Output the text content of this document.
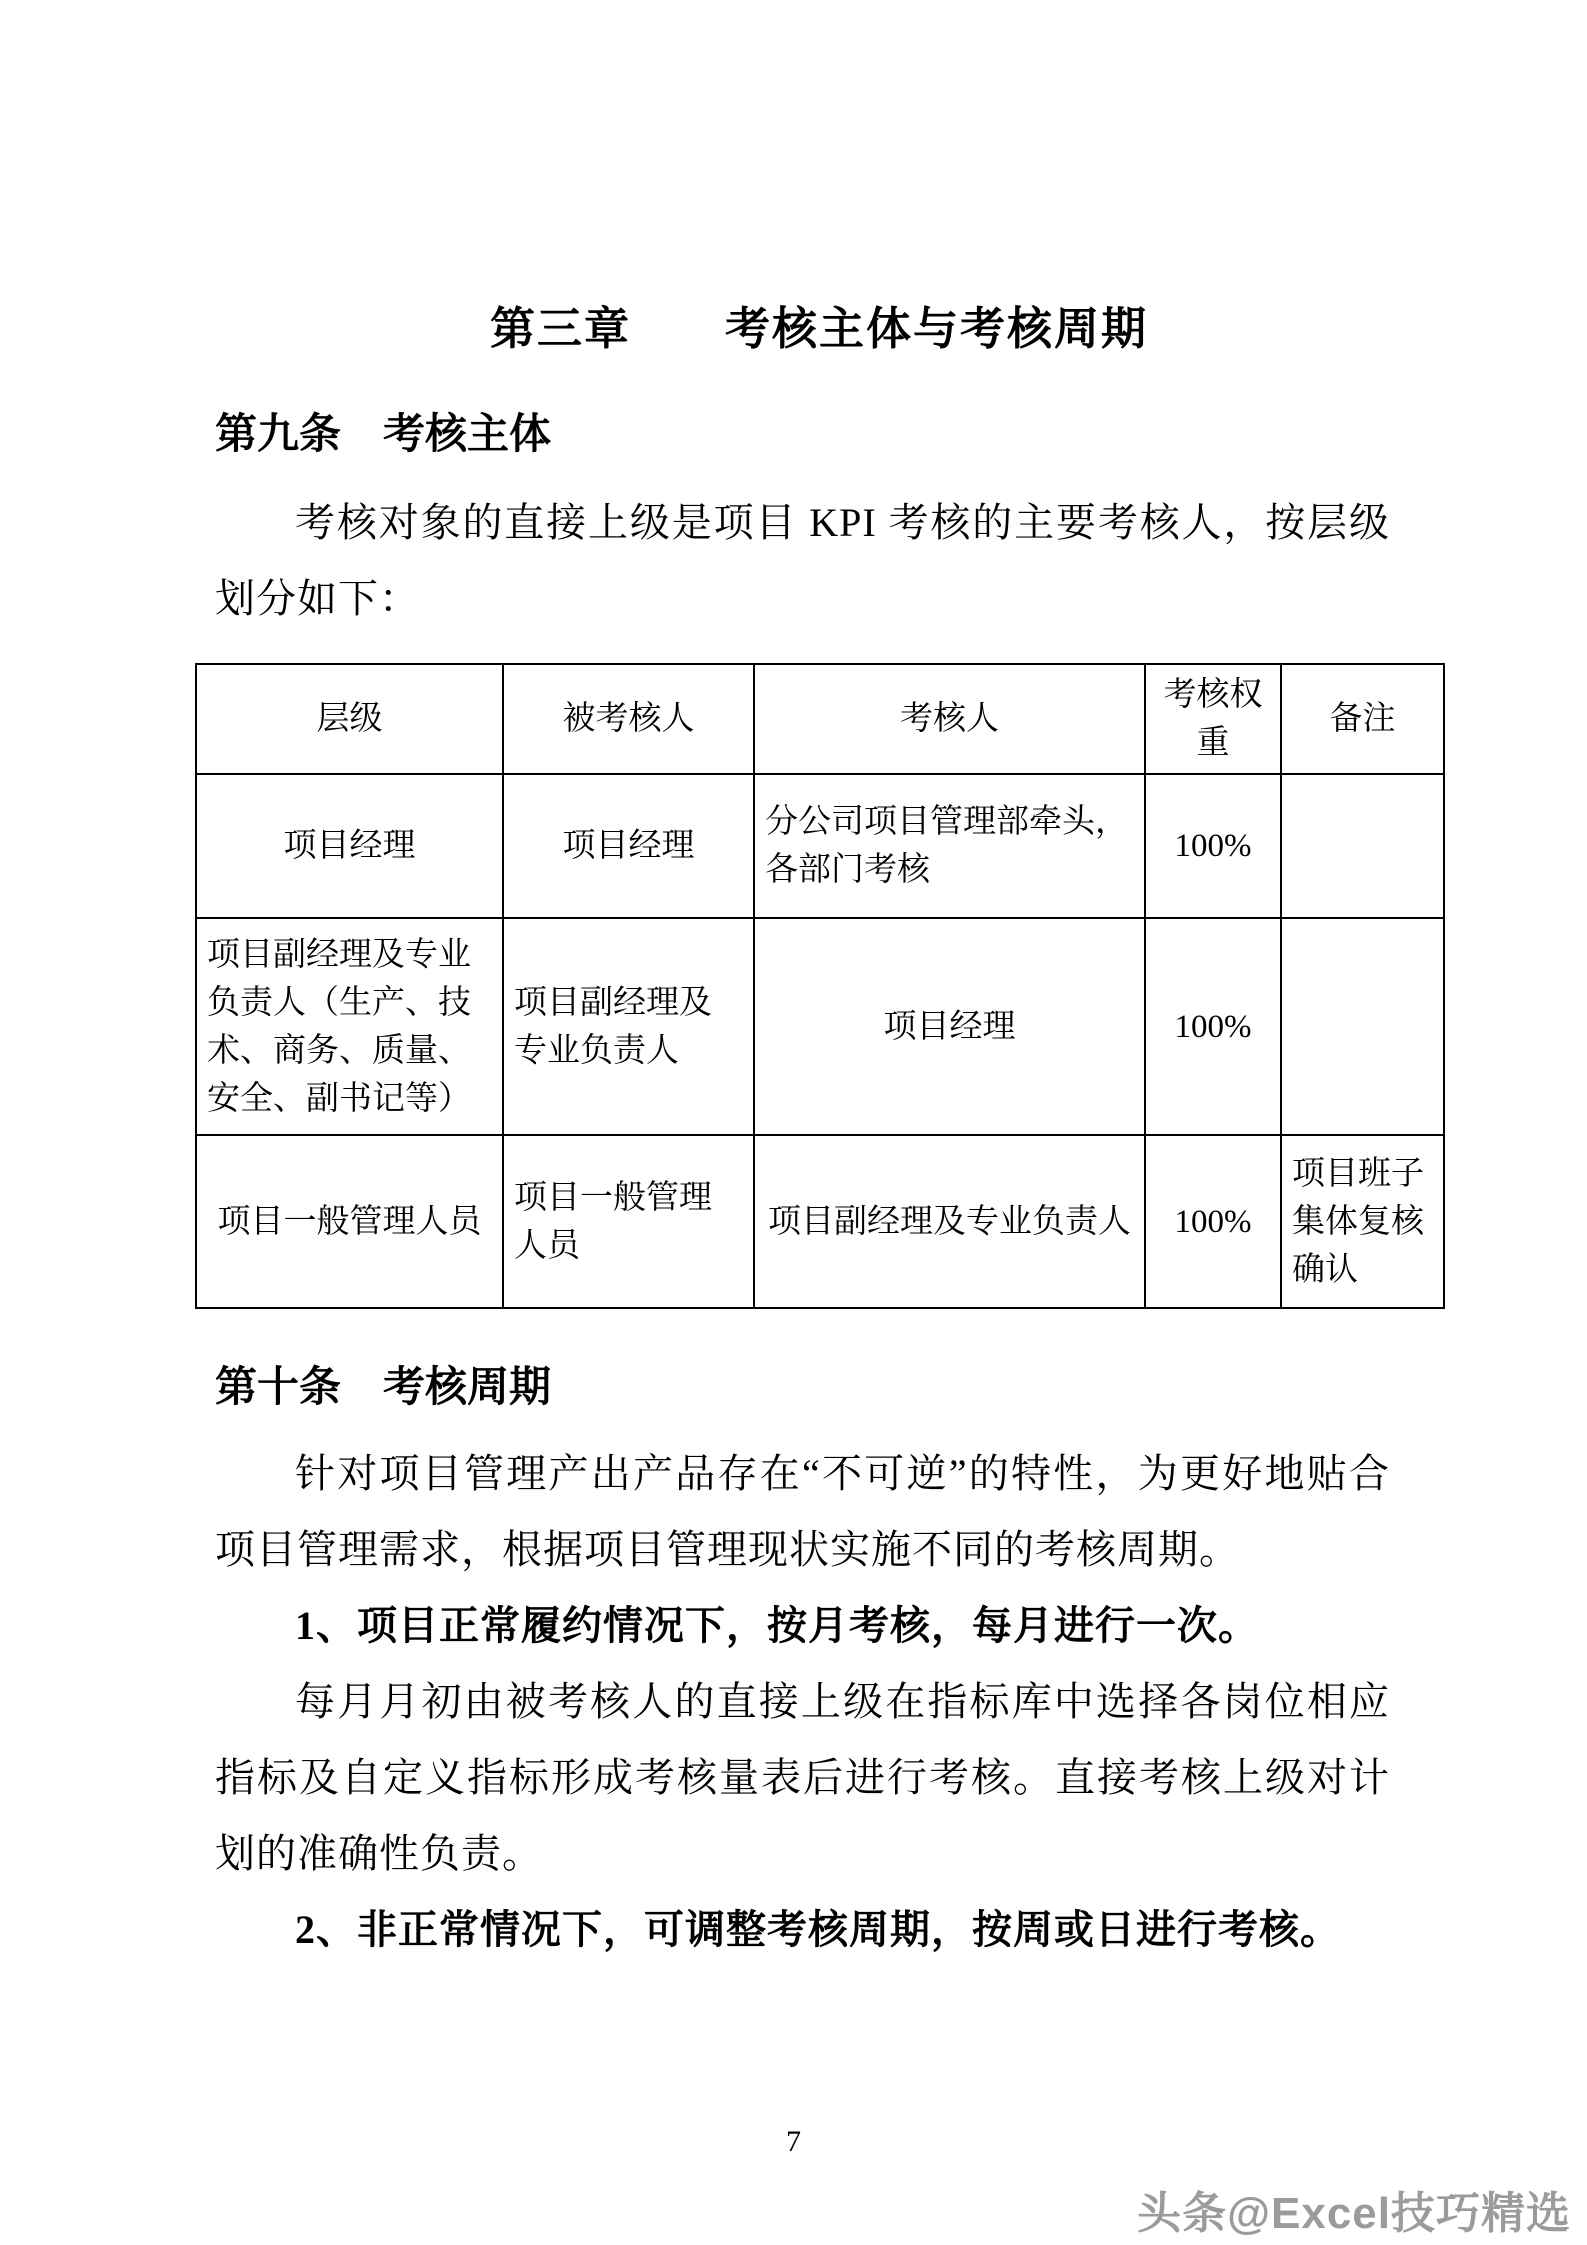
第三章　　考核主体与考核周期
第九条　考核主体

考核对象的直接上级是项目 KPI 考核的主要考核人，按层级划分如下：

层级	被考核人	考核人	考核权重	备注
项目经理	项目经理	分公司项目管理部牵头，各部门考核	100%	
项目副经理及专业负责人（生产、技术、商务、质量、安全、副书记等）	项目副经理及专业负责人	项目经理	100%	
项目一般管理人员	项目一般管理人员	项目副经理及专业负责人	100%	项目班子集体复核确认
第十条　考核周期

针对项目管理产出产品存在“不可逆”的特性，为更好地贴合项目管理需求，根据项目管理现状实施不同的考核周期。

1、项目正常履约情况下，按月考核，每月进行一次。

每月月初由被考核人的直接上级在指标库中选择各岗位相应指标及自定义指标形成考核量表后进行考核。直接考核上级对计划的准确性负责。

2、非正常情况下，可调整考核周期，按周或日进行考核。

7
头条@Excel技巧精选
